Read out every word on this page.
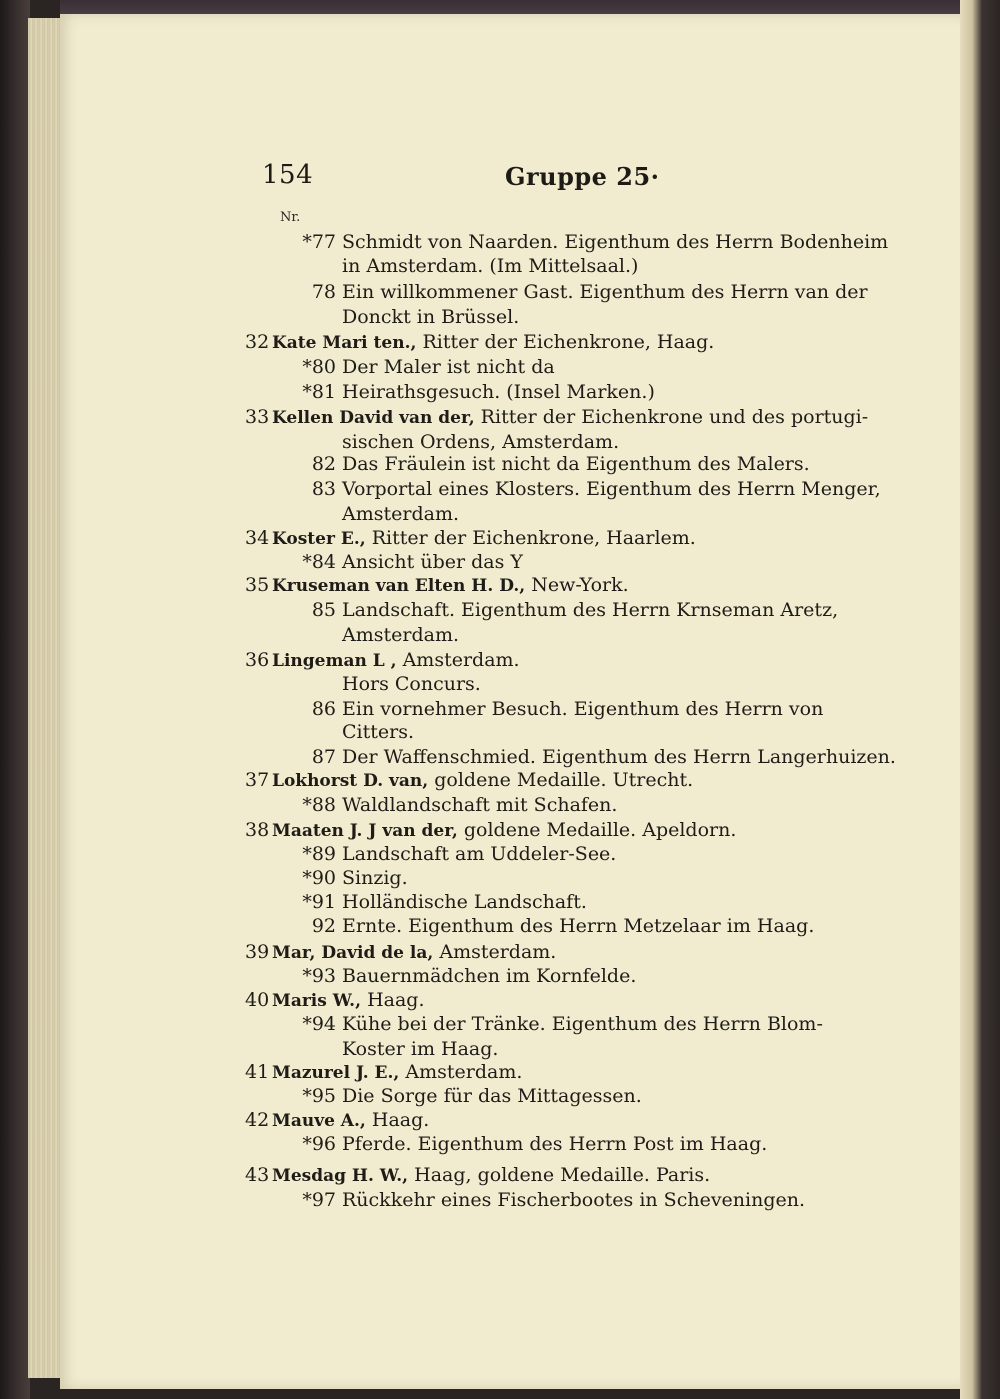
154	Gruppe 25·
Nr.
*77 Schmidt von Naarden. Eigenthum des Herrn Bodenheim
in Amsterdam. (Im Mittelsaal.)
78 Ein willkommener Gast. Eigenthum des Herrn van der
Donckt in Brüssel.
32 Kate Mari ten., Ritter der Eichenkrone, Haag.
*80 Der Maler ist nicht da
*81 Heirathsgesuch. (Insel Marken.)
33 Kellen David van der, Ritter der Eichenkrone und des portugi-
sischen Ordens, Amsterdam.
82 Das Fräulein ist nicht da Eigenthum des Malers.
83 Vorportal eines Klosters. Eigenthum des Herrn Menger,
Amsterdam.
34 Koster E., Ritter der Eichenkrone, Haarlem.
*84 Ansicht über das Y
35 Kruseman van Elten H. D., New-York.
85 Landschaft. Eigenthum des Herrn Krnseman Aretz,
Amsterdam.
36 Lingeman L , Amsterdam.
Hors Concurs.
86 Ein vornehmer Besuch. Eigenthum des Herrn von
Citters.
87 Der Waffenschmied. Eigenthum des Herrn Langerhuizen.
37 Lokhorst D. van, goldene Medaille. Utrecht.
*88 Waldlandschaft mit Schafen.
38 Maaten J. J van der, goldene Medaille. Apeldorn.
*89 Landschaft am Uddeler-See.
*90 Sinzig.
*91 Holländische Landschaft.
92 Ernte. Eigenthum des Herrn Metzelaar im Haag.
39 Mar, David de la, Amsterdam.
*93 Bauernmädchen im Kornfelde.
40 Maris W., Haag.
*94 Kühe bei der Tränke. Eigenthum des Herrn Blom-
Koster im Haag.
41 Mazurel J. E., Amsterdam.
*95 Die Sorge für das Mittagessen.
42 Mauve A., Haag.
*96 Pferde. Eigenthum des Herrn Post im Haag.
43 Mesdag H. W., Haag, goldene Medaille. Paris.
*97 Rückkehr eines Fischerbootes in Scheveningen.
